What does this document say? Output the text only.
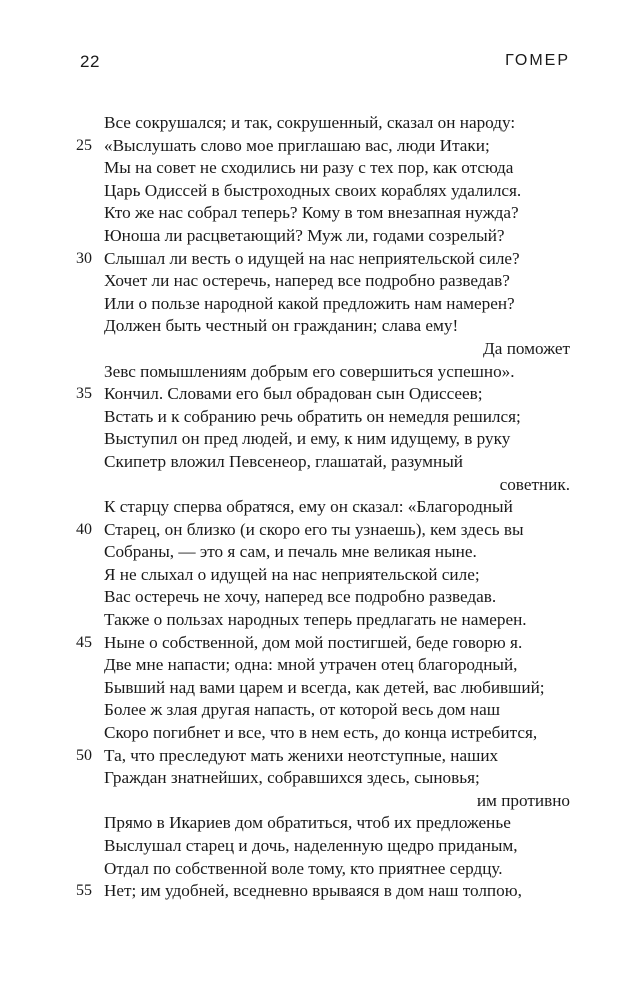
22	ГОМЕР
Все сокрушался; и так, сокрушенный, сказал он народу:
25 «Выслушать слово мое приглашаю вас, люди Итаки;
Мы на совет не сходились ни разу с тех пор, как отсюда
Царь Одиссей в быстроходных своих кораблях удалился.
Кто же нас собрал теперь? Кому в том внезапная нужда?
Юноша ли расцветающий? Муж ли, годами созрелый?
30 Слышал ли весть о идущей на нас неприятельской силе?
Хочет ли нас остеречь, наперед все подробно разведав?
Или о пользе народной какой предложить нам намерен?
Должен быть честный он гражданин; слава ему!
Да поможет
Зевс помышлениям добрым его совершиться успешно».
35 Кончил. Словами его был обрадован сын Одиссеев;
Встать и к собранию речь обратить он немедля решился;
Выступил он пред людей, и ему, к ним идущему, в руку
Скипетр вложил Певсенеор, глашатай, разумный
советник.
К старцу сперва обратяся, ему он сказал: «Благородный
40 Старец, он близко (и скоро его ты узнаешь), кем здесь вы
Собраны, — это я сам, и печаль мне великая ныне.
Я не слыхал о идущей на нас неприятельской силе;
Вас остеречь не хочу, наперед все подробно разведав.
Также о пользах народных теперь предлагать не намерен.
45 Ныне о собственной, дом мой постигшей, беде говорю я.
Две мне напасти; одна: мной утрачен отец благородный,
Бывший над вами царем и всегда, как детей, вас любивший;
Более ж злая другая напасть, от которой весь дом наш
Скоро погибнет и все, что в нем есть, до конца истребится,
50 Та, что преследуют мать женихи неотступные, наших
Граждан знатнейших, собравшихся здесь, сыновья;
им противно
Прямо в Икариев дом обратиться, чтоб их предложенье
Выслушал старец и дочь, наделенную щедро приданым,
Отдал по собственной воле тому, кто приятнее сердцу.
55 Нет; им удобней, вседневно врываяся в дом наш толпою,
